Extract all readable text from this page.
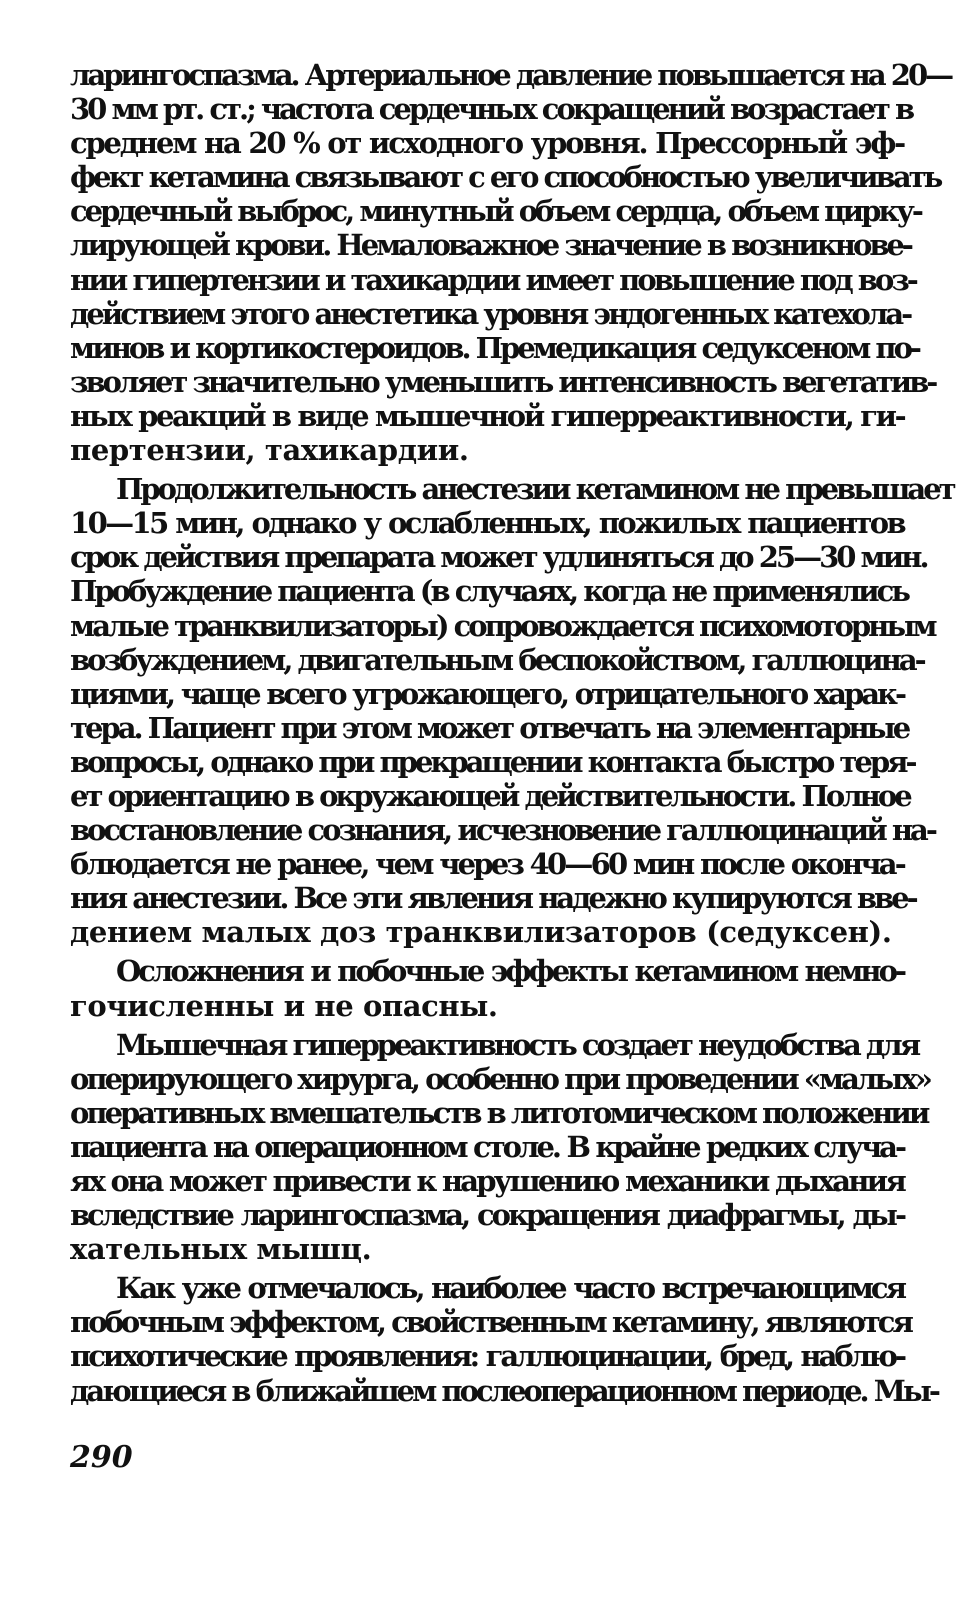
ларингоспазма. Артериальное давление повышается на 20—
30 мм рт. ст.; частота сердечных сокращений возрастает в
среднем на 20 % от исходного уровня. Прессорный эф-
фект кетамина связывают с его способностью увеличивать
сердечный выброс, минутный объем сердца, объем цирку-
лирующей крови. Немаловажное значение в возникнове-
нии гипертензии и тахикардии имеет повышение под воз-
действием этого анестетика уровня эндогенных катехола-
минов и кортикостероидов. Премедикация седуксеном по-
зволяет значительно уменьшить интенсивность вегетатив-
ных реакций в виде мышечной гиперреактивности, ги-
пертензии, тахикардии.
Продолжительность анестезии кетамином не превышает
10—15 мин, однако у ослабленных, пожилых пациентов
срок действия препарата может удлиняться до 25—30 мин.
Пробуждение пациента (в случаях, когда не применялись
малые транквилизаторы) сопровождается психомоторным
возбуждением, двигательным беспокойством, галлюцина-
циями, чаще всего угрожающего, отрицательного харак-
тера. Пациент при этом может отвечать на элементарные
вопросы, однако при прекращении контакта быстро теря-
ет ориентацию в окружающей действительности. Полное
восстановление сознания, исчезновение галлюцинаций на-
блюдается не ранее, чем через 40—60 мин после оконча-
ния анестезии. Все эти явления надежно купируются вве-
дением малых доз транквилизаторов (седуксен).
Осложнения и побочные эффекты кетамином немно-
гочисленны и не опасны.
Мышечная гиперреактивность создает неудобства для
оперирующего хирурга, особенно при проведении «малых»
оперативных вмешательств в литотомическом положении
пациента на операционном столе. В крайне редких случа-
ях она может привести к нарушению механики дыхания
вследствие ларингоспазма, сокращения диафрагмы, ды-
хательных мышц.
Как уже отмечалось, наиболее часто встречающимся
побочным эффектом, свойственным кетамину, являются
психотические проявления: галлюцинации, бред, наблю-
дающиеся в ближайшем послеоперационном периоде. Мы-
290
